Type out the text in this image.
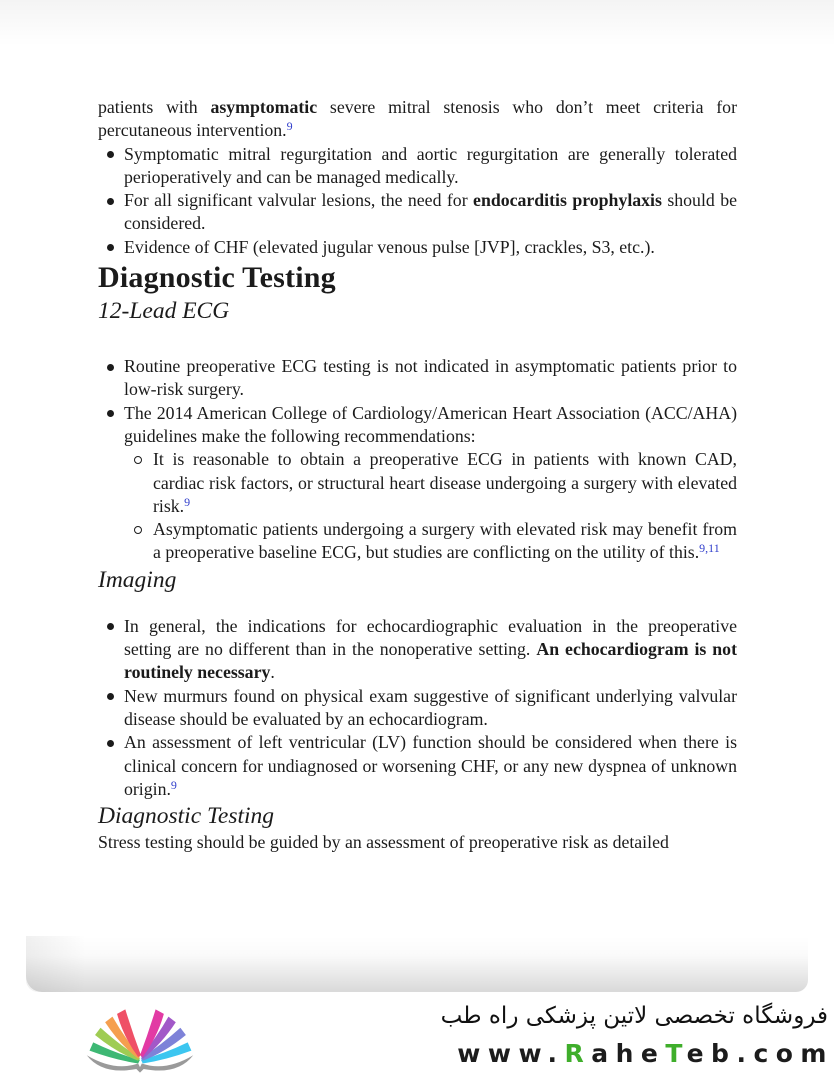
patients with asymptomatic severe mitral stenosis who don’t meet criteria for percutaneous intervention.$^9$

Symptomatic mitral regurgitation and aortic regurgitation are generally tolerated perioperatively and can be managed medically.
For all significant valvular lesions, the need for endocarditis prophylaxis should be considered.
Evidence of CHF (elevated jugular venous pulse [JVP], crackles, S3, etc.).
Diagnostic Testing
12-Lead ECG
Routine preoperative ECG testing is not indicated in asymptomatic patients prior to low-risk surgery.
The 2014 American College of Cardiology/American Heart Association (ACC/AHA) guidelines make the following recommendations:
It is reasonable to obtain a preoperative ECG in patients with known CAD, cardiac risk factors, or structural heart disease undergoing a surgery with elevated risk.$^9$
Asymptomatic patients undergoing a surgery with elevated risk may benefit from a preoperative baseline ECG, but studies are conflicting on the utility of this.$^{9,11}$
Imaging
In general, the indications for echocardiographic evaluation in the preoperative setting are no different than in the nonoperative setting. An echocardiogram is not routinely necessary.
New murmurs found on physical exam suggestive of significant underlying valvular disease should be evaluated by an echocardiogram.
An assessment of left ventricular (LV) function should be considered when there is clinical concern for undiagnosed or worsening CHF, or any new dyspnea of unknown origin.$^9$
Diagnostic Testing

Stress testing should be guided by an assessment of preoperative risk as detailed

فروشگاه تخصصی لاتین پزشکی راه طب
www.RaheTeb.com
